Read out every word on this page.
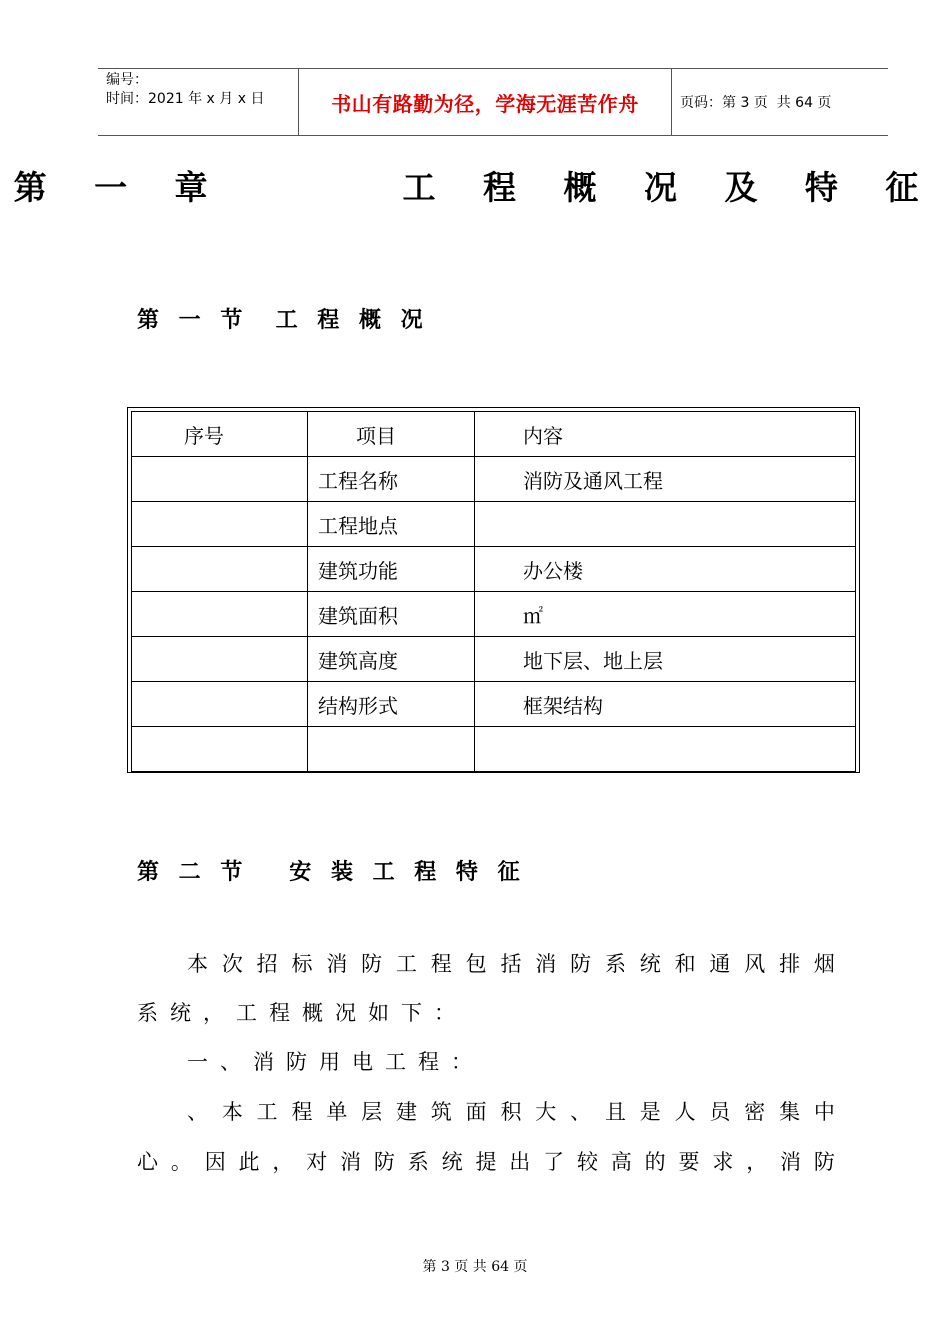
编号：
时间：2021 年 x 月 x 日	书山有路勤为径，学海无涯苦作舟	页码：第 3 页  共 64 页
第 一 章      工 程 概 况 及 特 征
第 一 节  工 程 概 况
序号	项目	内容
	工程名称	消防及通风工程
	工程地点	
	建筑功能	办公楼
	建筑面积	㎡
	建筑高度	地下层、地上层
	结构形式	框架结构

第 二 节   安 装 工 程 特 征
本 次 招 标 消 防 工 程 包 括 消 防 系 统 和 通 风 排 烟
系统，工程概况如下：
一、消防用电工程：
、 本 工 程 单 层 建 筑 面 积 大 、 且 是 人 员 密 集 中
心 。 因 此 ， 对 消 防 系 统 提 出 了 较 高 的 要 求 ， 消 防
第 3 页 共 64 页
